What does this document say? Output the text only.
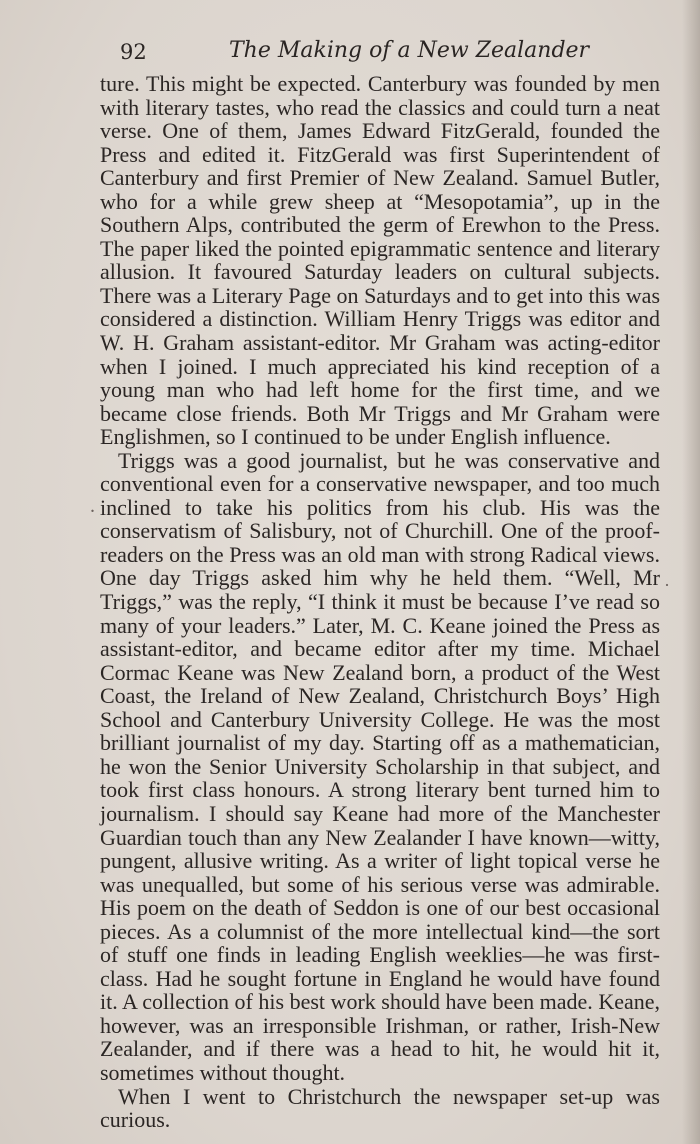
92	The Making of a New Zealander

ture. This might be expected. Canterbury was founded by men with literary tastes, who read the classics and could turn a neat verse. One of them, James Edward FitzGerald, founded the Press and edited it. FitzGerald was first Superintendent of Canterbury and first Premier of New Zealand. Samuel Butler, who for a while grew sheep at “Mesopotamia”, up in the Southern Alps, contributed the germ of Erewhon to the Press. The paper liked the pointed epigrammatic sentence and literary allusion. It favoured Saturday leaders on cultural subjects. There was a Literary Page on Saturdays and to get into this was considered a distinction. William Henry Triggs was editor and W. H. Graham assistant-editor. Mr Graham was acting-editor when I joined. I much appreciated his kind reception of a young man who had left home for the first time, and we became close friends. Both Mr Triggs and Mr Graham were Englishmen, so I continued to be under English influence.

Triggs was a good journalist, but he was conservative and conventional even for a conservative newspaper, and too much inclined to take his politics from his club. His was the conservatism of Salisbury, not of Churchill. One of the proof-readers on the Press was an old man with strong Radical views. One day Triggs asked him why he held them. “Well, Mr Triggs,” was the reply, “I think it must be because I’ve read so many of your leaders.” Later, M. C. Keane joined the Press as assistant-editor, and became editor after my time. Michael Cormac Keane was New Zealand born, a product of the West Coast, the Ireland of New Zealand, Christchurch Boys’ High School and Canterbury University College. He was the most brilliant journalist of my day. Starting off as a mathematician, he won the Senior University Scholarship in that subject, and took first class honours. A strong literary bent turned him to journalism. I should say Keane had more of the Manchester Guardian touch than any New Zealander I have known—witty, pungent, allusive writing. As a writer of light topical verse he was unequalled, but some of his serious verse was admirable. His poem on the death of Seddon is one of our best occasional pieces. As a columnist of the more intellectual kind—the sort of stuff one finds in leading English weeklies—he was first-class. Had he sought fortune in England he would have found it. A collection of his best work should have been made. Keane, however, was an irresponsible Irishman, or rather, Irish-New Zealander, and if there was a head to hit, he would hit it, sometimes without thought.

When I went to Christchurch the newspaper set-up was curious.

.
·
